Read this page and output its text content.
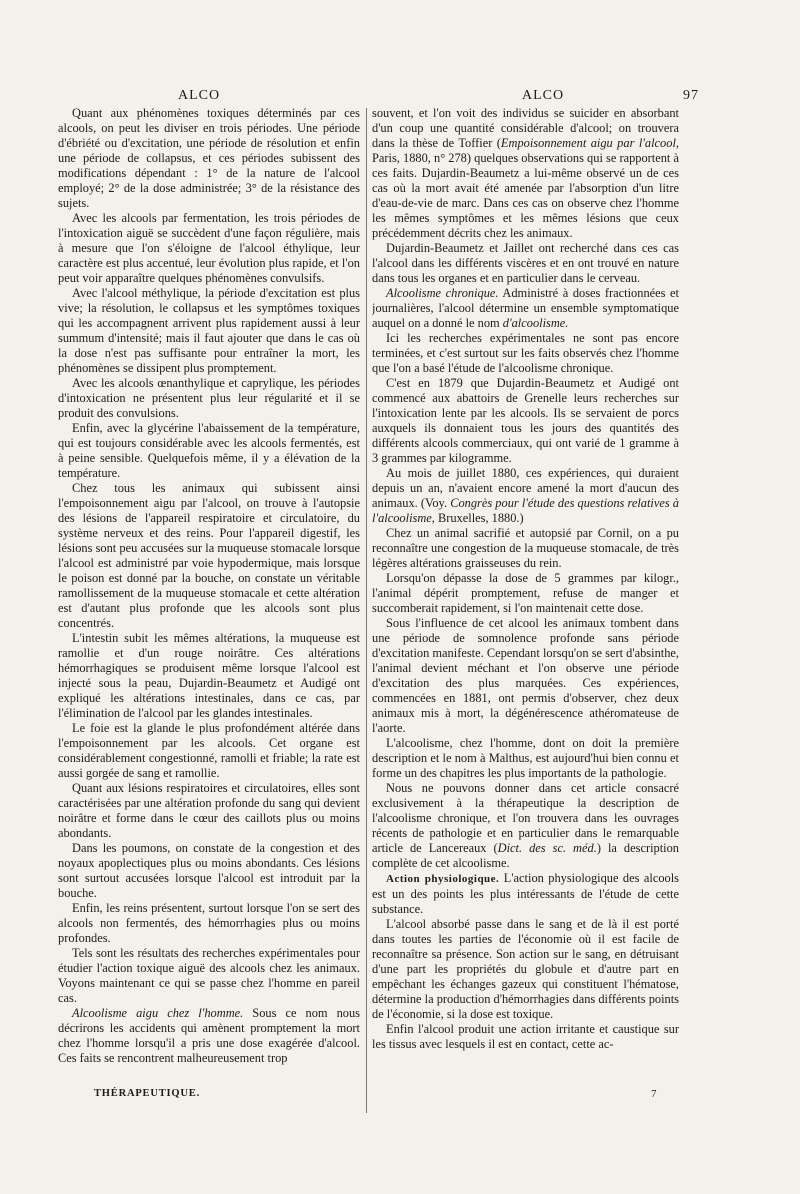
ALCO	ALCO	97

Quant aux phénomènes toxiques déterminés par ces alcools, on peut les diviser en trois périodes. Une période d'ébriété ou d'excitation, une période de résolution et enfin une période de collapsus, et ces périodes subissent des modifications dépendant : 1° de la nature de l'alcool employé; 2° de la dose administrée; 3° de la résistance des sujets.

Avec les alcools par fermentation, les trois périodes de l'intoxication aiguë se succèdent d'une façon régulière, mais à mesure que l'on s'éloigne de l'alcool éthylique, leur caractère est plus accentué, leur évolution plus rapide, et l'on peut voir apparaître quelques phénomènes convulsifs.

Avec l'alcool méthylique, la période d'excitation est plus vive; la résolution, le collapsus et les symptômes toxiques qui les accompagnent arrivent plus rapidement aussi à leur summum d'intensité; mais il faut ajouter que dans le cas où la dose n'est pas suffisante pour entraîner la mort, les phénomènes se dissipent plus promptement.

Avec les alcools œnanthylique et caprylique, les périodes d'intoxication ne présentent plus leur régularité et il se produit des convulsions.

Enfin, avec la glycérine l'abaissement de la température, qui est toujours considérable avec les alcools fermentés, est à peine sensible. Quelquefois même, il y a élévation de la température.

Chez tous les animaux qui subissent ainsi l'empoisonnement aigu par l'alcool, on trouve à l'autopsie des lésions de l'appareil respiratoire et circulatoire, du système nerveux et des reins. Pour l'appareil digestif, les lésions sont peu accusées sur la muqueuse stomacale lorsque l'alcool est administré par voie hypodermique, mais lorsque le poison est donné par la bouche, on constate un véritable ramollissement de la muqueuse stomacale et cette altération est d'autant plus profonde que les alcools sont plus concentrés.

L'intestin subit les mêmes altérations, la muqueuse est ramollie et d'un rouge noirâtre. Ces altérations hémorrhagiques se produisent même lorsque l'alcool est injecté sous la peau, Dujardin-Beaumetz et Audigé ont expliqué les altérations intestinales, dans ce cas, par l'élimination de l'alcool par les glandes intestinales.

Le foie est la glande le plus profondément altérée dans l'empoisonnement par les alcools. Cet organe est considérablement congestionné, ramolli et friable; la rate est aussi gorgée de sang et ramollie.

Quant aux lésions respiratoires et circulatoires, elles sont caractérisées par une altération profonde du sang qui devient noirâtre et forme dans le cœur des caillots plus ou moins abondants.

Dans les poumons, on constate de la congestion et des noyaux apoplectiques plus ou moins abondants. Ces lésions sont surtout accusées lorsque l'alcool est introduit par la bouche.

Enfin, les reins présentent, surtout lorsque l'on se sert des alcools non fermentés, des hémorrhagies plus ou moins profondes.

Tels sont les résultats des recherches expérimentales pour étudier l'action toxique aiguë des alcools chez les animaux. Voyons maintenant ce qui se passe chez l'homme en pareil cas.

Alcoolisme aigu chez l'homme. Sous ce nom nous décrirons les accidents qui amènent promptement la mort chez l'homme lorsqu'il a pris une dose exagérée d'alcool. Ces faits se rencontrent malheureusement trop

souvent, et l'on voit des individus se suicider en absorbant d'un coup une quantité considérable d'alcool; on trouvera dans la thèse de Toffier (Empoisonnement aigu par l'alcool, Paris, 1880, n° 278) quelques observations qui se rapportent à ces faits. Dujardin-Beaumetz a lui-même observé un de ces cas où la mort avait été amenée par l'absorption d'un litre d'eau-de-vie de marc. Dans ces cas on observe chez l'homme les mêmes symptômes et les mêmes lésions que ceux précédemment décrits chez les animaux.

Dujardin-Beaumetz et Jaillet ont recherché dans ces cas l'alcool dans les différents viscères et en ont trouvé en nature dans tous les organes et en particulier dans le cerveau.

Alcoolisme chronique. Administré à doses fractionnées et journalières, l'alcool détermine un ensemble symptomatique auquel on a donné le nom d'alcoolisme.

Ici les recherches expérimentales ne sont pas encore terminées, et c'est surtout sur les faits observés chez l'homme que l'on a basé l'étude de l'alcoolisme chronique.

C'est en 1879 que Dujardin-Beaumetz et Audigé ont commencé aux abattoirs de Grenelle leurs recherches sur l'intoxication lente par les alcools. Ils se servaient de porcs auxquels ils donnaient tous les jours des quantités des différents alcools commerciaux, qui ont varié de 1 gramme à 3 grammes par kilogramme.

Au mois de juillet 1880, ces expériences, qui duraient depuis un an, n'avaient encore amené la mort d'aucun des animaux. (Voy. Congrès pour l'étude des questions relatives à l'alcoolisme, Bruxelles, 1880.)

Chez un animal sacrifié et autopsié par Cornil, on a pu reconnaître une congestion de la muqueuse stomacale, de très légères altérations graisseuses du rein.

Lorsqu'on dépasse la dose de 5 grammes par kilogr., l'animal dépérit promptement, refuse de manger et succomberait rapidement, si l'on maintenait cette dose.

Sous l'influence de cet alcool les animaux tombent dans une période de somnolence profonde sans période d'excitation manifeste. Cependant lorsqu'on se sert d'absinthe, l'animal devient méchant et l'on observe une période d'excitation des plus marquées. Ces expériences, commencées en 1881, ont permis d'observer, chez deux animaux mis à mort, la dégénérescence athéromateuse de l'aorte.

L'alcoolisme, chez l'homme, dont on doit la première description et le nom à Malthus, est aujourd'hui bien connu et forme un des chapitres les plus importants de la pathologie.

Nous ne pouvons donner dans cet article consacré exclusivement à la thérapeutique la description de l'alcoolisme chronique, et l'on trouvera dans les ouvrages récents de pathologie et en particulier dans le remarquable article de Lancereaux (Dict. des sc. méd.) la description complète de cet alcoolisme.

Action physiologique. L'action physiologique des alcools est un des points les plus intéressants de l'étude de cette substance.

L'alcool absorbé passe dans le sang et de là il est porté dans toutes les parties de l'économie où il est facile de reconnaître sa présence. Son action sur le sang, en détruisant d'une part les propriétés du globule et d'autre part en empêchant les échanges gazeux qui constituent l'hématose, détermine la production d'hémorrhagies dans différents points de l'économie, si la dose est toxique.

Enfin l'alcool produit une action irritante et caustique sur les tissus avec lesquels il est en contact, cette ac-

THÉRAPEUTIQUE.	7
